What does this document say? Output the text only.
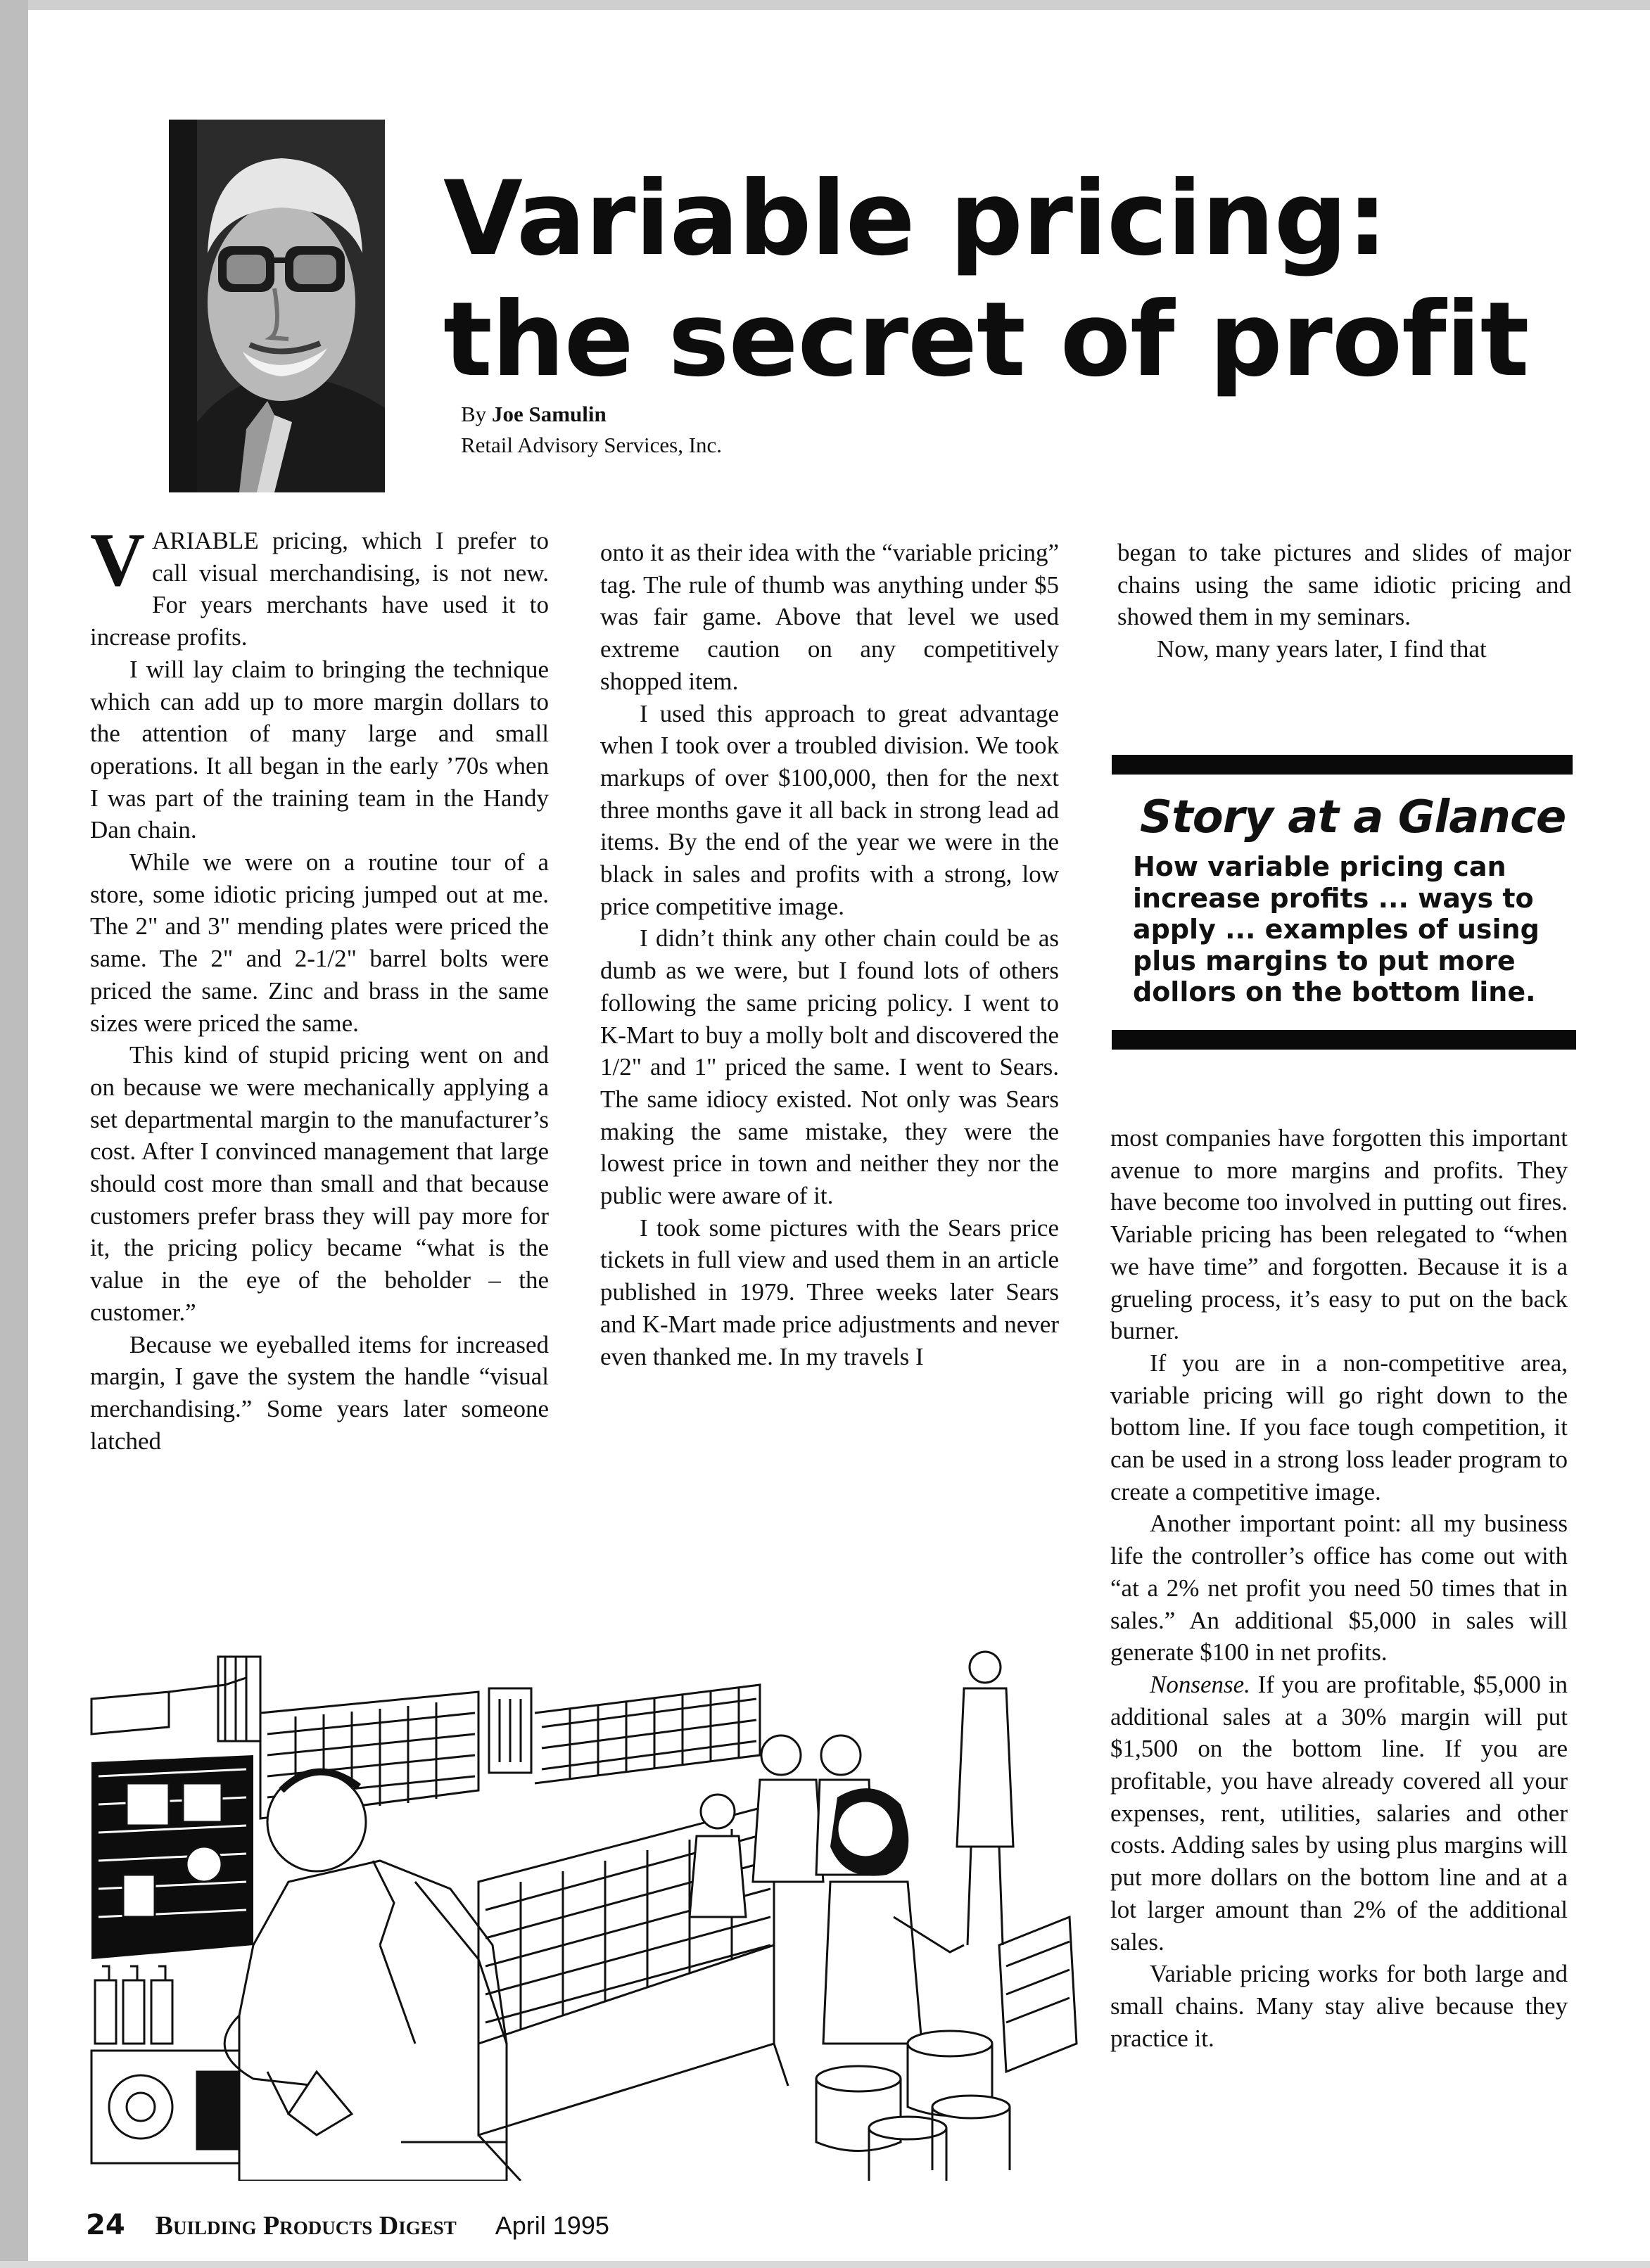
Variable pricing:
the secret of profit
By Joe Samulin
Retail Advisory Services, Inc.

VARIABLE pricing, which I prefer to call visual merchandising, is not new. For years merchants have used it to increase profits.

I will lay claim to bringing the technique which can add up to more margin dollars to the attention of many large and small operations. It all began in the early ’70s when I was part of the training team in the Handy Dan chain.

While we were on a routine tour of a store, some idiotic pricing jumped out at me. The 2" and 3" mending plates were priced the same. The 2" and 2-1/2" barrel bolts were priced the same. Zinc and brass in the same sizes were priced the same.

This kind of stupid pricing went on and on because we were mechanically applying a set departmental margin to the manufacturer’s cost. After I convinced management that large should cost more than small and that because customers prefer brass they will pay more for it, the pricing policy became “what is the value in the eye of the beholder – the customer.”

Because we eyeballed items for increased margin, I gave the system the handle “visual merchandising.” Some years later someone latched

onto it as their idea with the “variable pricing” tag. The rule of thumb was anything under $5 was fair game. Above that level we used extreme caution on any competitively shopped item.

I used this approach to great advantage when I took over a troubled division. We took markups of over $100,000, then for the next three months gave it all back in strong lead ad items. By the end of the year we were in the black in sales and profits with a strong, low price competitive image.

I didn’t think any other chain could be as dumb as we were, but I found lots of others following the same pricing policy. I went to K-Mart to buy a molly bolt and discovered the 1/2" and 1" priced the same. I went to Sears. The same idiocy existed. Not only was Sears making the same mistake, they were the lowest price in town and neither they nor the public were aware of it.

I took some pictures with the Sears price tickets in full view and used them in an article published in 1979. Three weeks later Sears and K-Mart made price adjustments and never even thanked me. In my travels I

began to take pictures and slides of major chains using the same idiotic pricing and showed them in my seminars.

Now, many years later, I find that

Story at a Glance
How variable pricing can increase profits ... ways to apply ... examples of using plus margins to put more dollors on the bottom line.

most companies have forgotten this important avenue to more margins and profits. They have become too involved in putting out fires. Variable pricing has been relegated to “when we have time” and forgotten. Because it is a grueling process, it’s easy to put on the back burner.

If you are in a non-competitive area, variable pricing will go right down to the bottom line. If you face tough competition, it can be used in a strong loss leader program to create a competitive image.

Another important point: all my business life the controller’s office has come out with “at a 2% net profit you need 50 times that in sales.” An additional $5,000 in sales will generate $100 in net profits.

Nonsense. If you are profitable, $5,000 in additional sales at a 30% margin will put $1,500 on the bottom line. If you are profitable, you have already covered all your expenses, rent, utilities, salaries and other costs. Adding sales by using plus margins will put more dollars on the bottom line and at a lot larger amount than 2% of the additional sales.

Variable pricing works for both large and small chains. Many stay alive because they practice it.

24 Building Products Digest April 1995
